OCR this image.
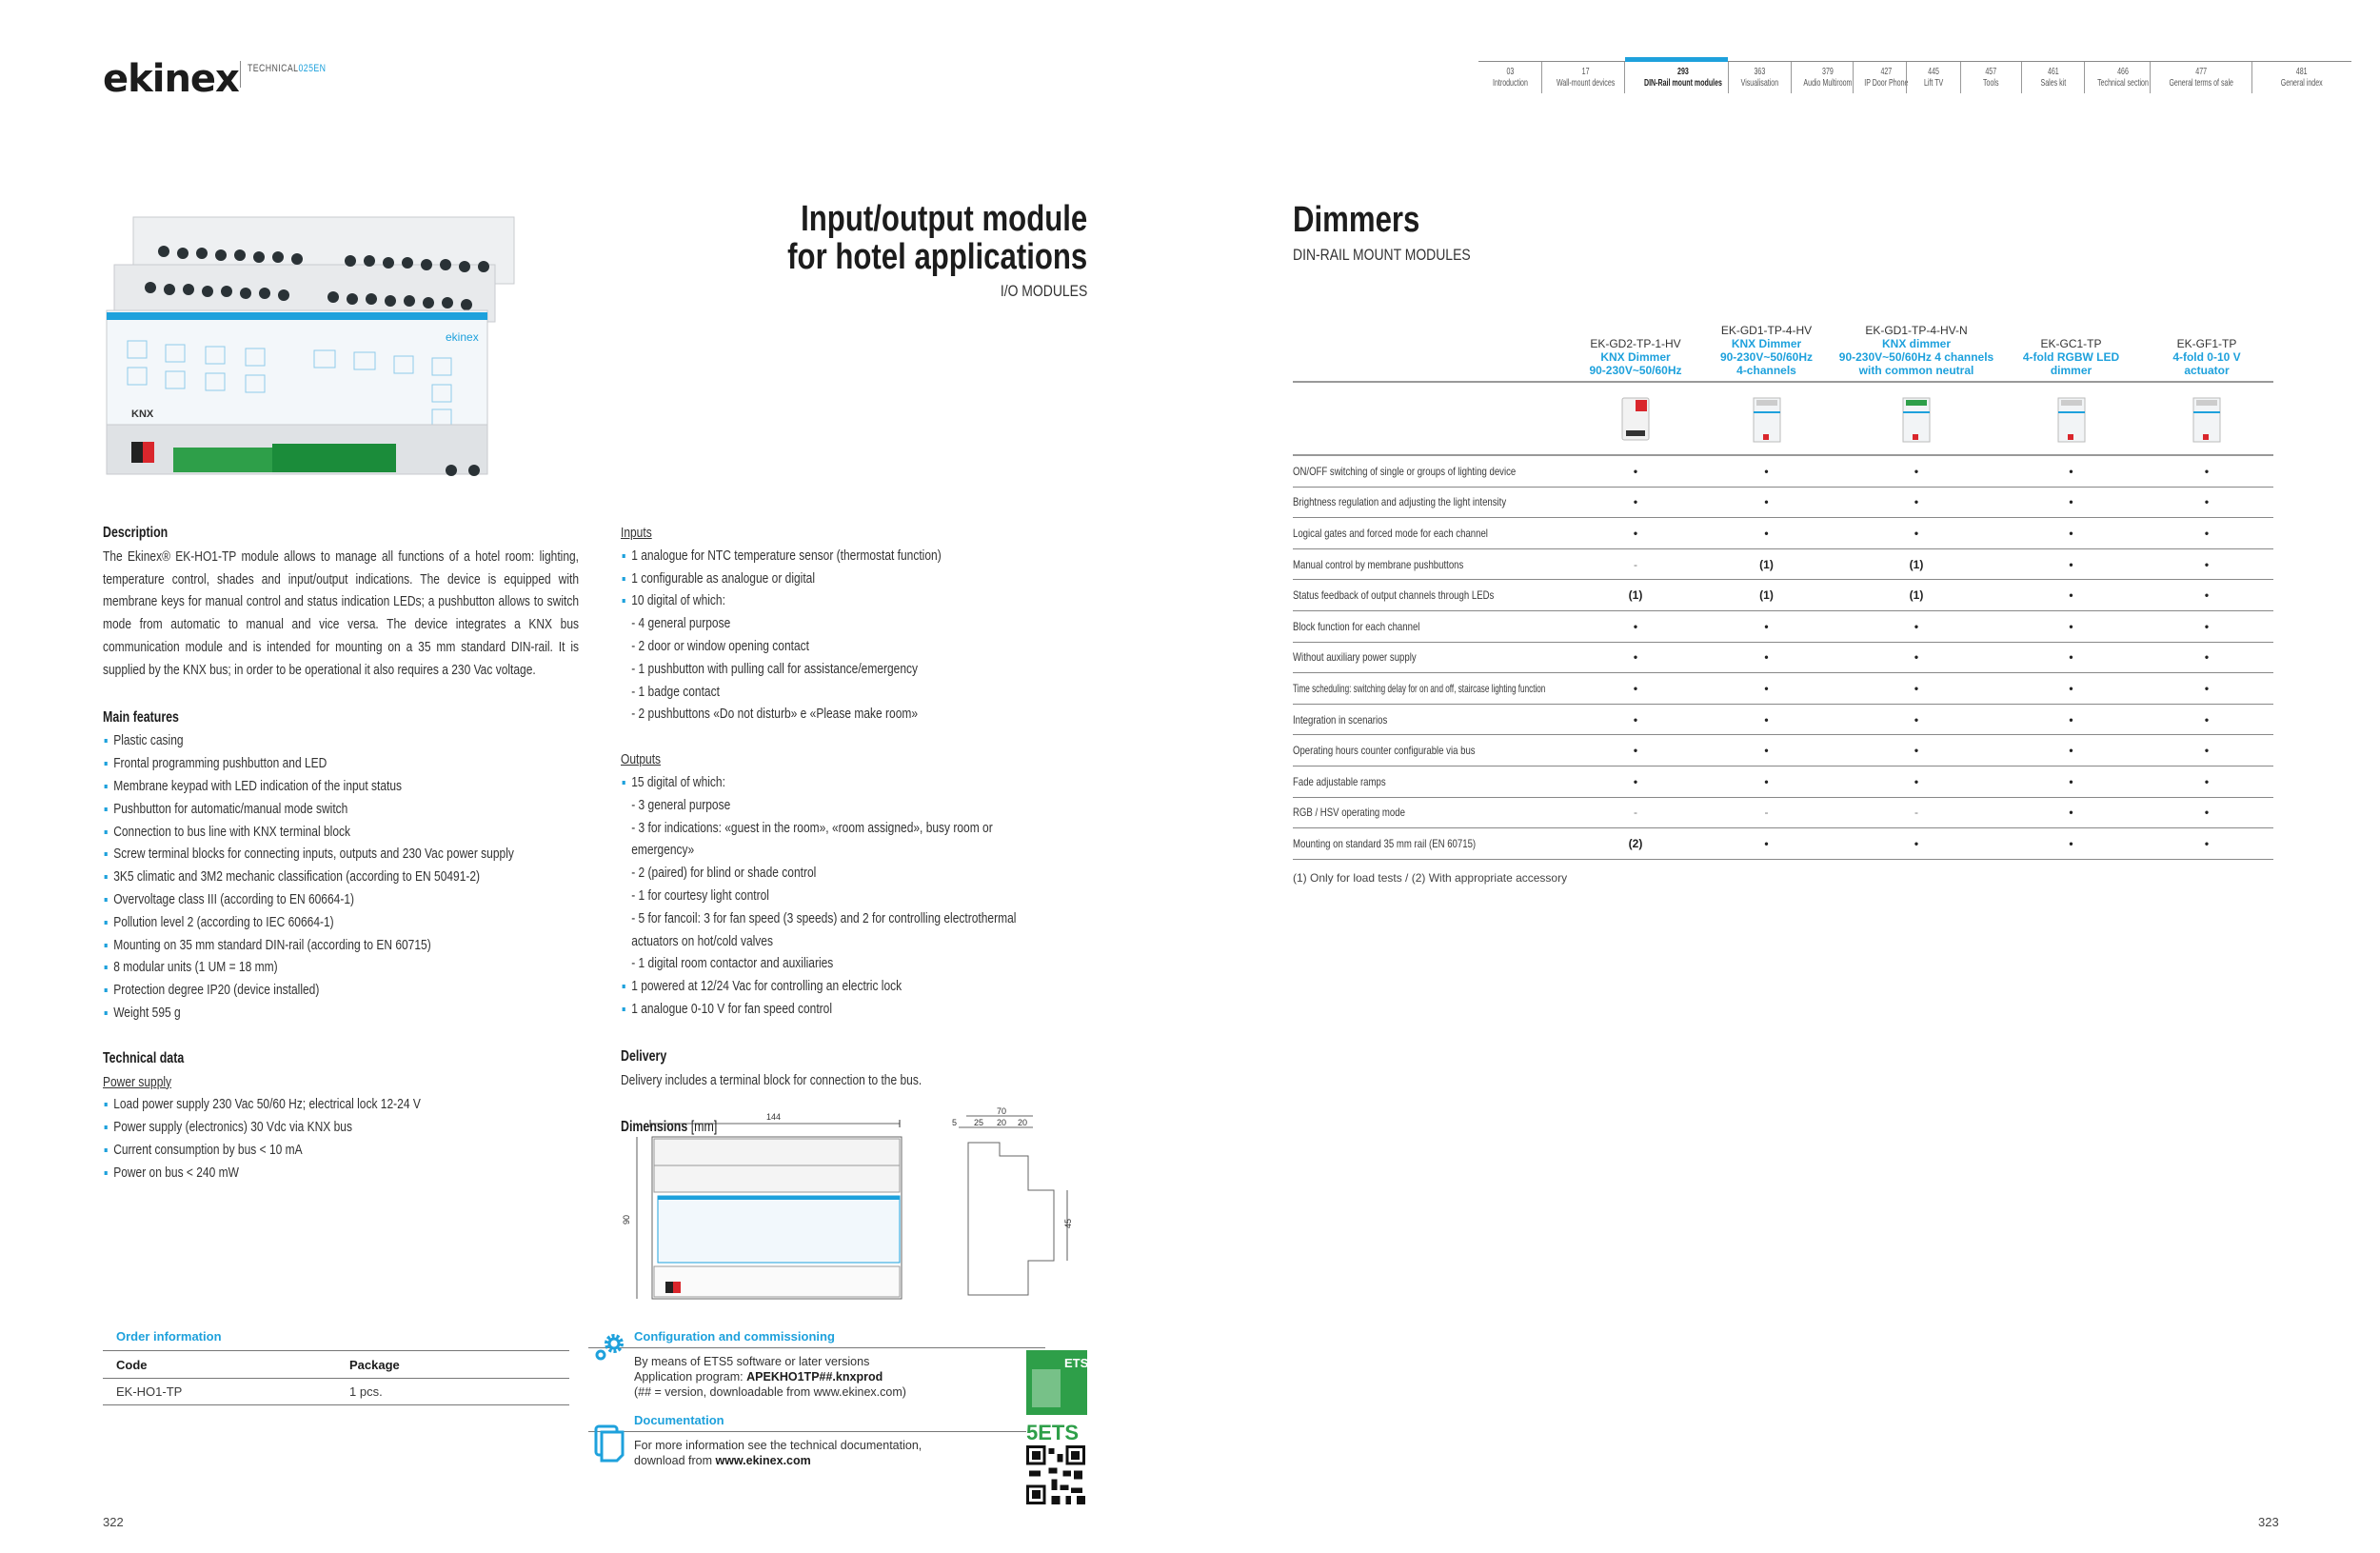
ekinex TECHNICAL025EN	03
Introduction
17
Wall-mount devices
293
DIN-Rail mount modules
363
Visualisation
379
Audio Multiroom
427
IP Door Phone
445
Lift TV
457
Tools
461
Sales kit
466
Technical section
477
General terms of sale
481
General index
ekinex
KNX
Input/output module
for hotel applications
I/O MODULES
Description
The Ekinex® EK-HO1-TP module allows to manage all functions of a hotel room: lighting, temperature control, shades and input/output indications. The device is equipped with membrane keys for manual control and status indication LEDs; a pushbutton allows to switch mode from automatic to manual and vice versa. The device integrates a KNX bus communication module and is intended for mounting on a 35 mm standard DIN-rail. It is supplied by the KNX bus; in order to be operational it also requires a 230 Vac voltage.
Main features
Plastic casing
Frontal programming pushbutton and LED
Membrane keypad with LED indication of the input status
Pushbutton for automatic/manual mode switch
Connection to bus line with KNX terminal block
Screw terminal blocks for connecting inputs, outputs and 230 Vac power supply
3K5 climatic and 3M2 mechanic classification (according to EN 50491-2)
Overvoltage class III (according to EN 60664-1)
Pollution level 2 (according to IEC 60664-1)
Mounting on 35 mm standard DIN-rail (according to EN 60715)
8 modular units (1 UM = 18 mm)
Protection degree IP20 (device installed)
Weight 595 g
Technical data
Power supply
Load power supply 230 Vac 50/60 Hz; electrical lock 12-24 V
Power supply (electronics) 30 Vdc via KNX bus
Current consumption by bus < 10 mA
Power on bus < 240 mW
Inputs
1 analogue for NTC temperature sensor (thermostat function)
1 configurable as analogue or digital
10 digital of which:
- 4 general purpose
- 2 door or window opening contact
- 1 pushbutton with pulling call for assistance/emergency
- 1 badge contact
- 2 pushbuttons «Do not disturb» e «Please make room»
Outputs
15 digital of which:
- 3 general purpose
- 3 for indications: «guest in the room», «room assigned», busy room or
emergency»
- 2 (paired) for blind or shade control
- 1 for courtesy light control
- 5 for fancoil: 3 for fan speed (3 speeds) and 2 for controlling electrothermal
actuators on hot/cold valves
- 1 digital room contactor and auxiliaries
1 powered at 12/24 Vac for controlling an electric lock
1 analogue 0-10 V for fan speed control
Delivery
Delivery includes a terminal block for connection to the bus.
Dimensions [mm]
144
90
70
5 25 20 20
45
Order information
Code	Package
EK-HO1-TP	1 pcs.
Configuration and commissioning
By means of ETS5 software or later versions
Application program: APEKHO1TP##.knxprod
(## = version, downloadable from www.ekinex.com)
Documentation
For more information see the technical documentation,
download from www.ekinex.com
ETS
5ETS
322
Dimmers
DIN-RAIL MOUNT MODULES
EK-GD2-TP-1-HV
KNX Dimmer
90-230V~50/60Hz
EK-GD1-TP-4-HV
KNX Dimmer
90-230V~50/60Hz
4-channels
EK-GD1-TP-4-HV-N
KNX dimmer
90-230V~50/60Hz 4 channels
with common neutral
EK-GC1-TP
4-fold RGBW LED
dimmer
EK-GF1-TP
4-fold 0-10 V
actuator
ON/OFF switching of single or groups of lighting device	•	•	•	•	•
Brightness regulation and adjusting the light intensity	•	•	•	•	•
Logical gates and forced mode for each channel	•	•	•	•	•
Manual control by membrane pushbuttons	-	(1)	(1)	•	•
Status feedback of output channels through LEDs	(1)	(1)	(1)	•	•
Block function for each channel	•	•	•	•	•
Without auxiliary power supply	•	•	•	•	•
Time scheduling: switching delay for on and off, staircase lighting function	•	•	•	•	•
Integration in scenarios	•	•	•	•	•
Operating hours counter configurable via bus	•	•	•	•	•
Fade adjustable ramps	•	•	•	•	•
RGB / HSV operating mode	-	-	-	•	•
Mounting on standard 35 mm rail (EN 60715)	(2)	•	•	•	•
(1) Only for load tests / (2) With appropriate accessory
323
